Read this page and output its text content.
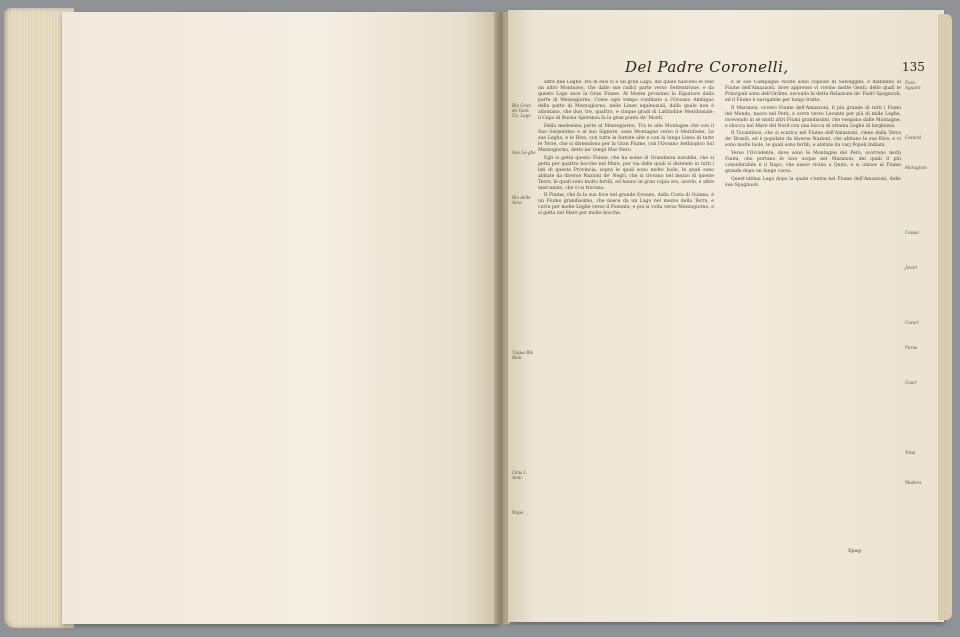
Del Padre Coronelli,	135

altre due Leghe. Poi di essi vi è un gran Lago, dal quale nascono le vele un altro Montuoso, che dalle sue radici parte verso Settentrione, e da questo Lago esce la Gran Fiume. Al Monte prossimo la Equatore dalla parte di Mezzogiorno. Come ogni tempo confinato a l'Oceano Ambiguo della parte di Mezzogiorno, nelle Linee equinoziali, dalla quale non è allontano, che due, tre, quattro, e cinque gradi di Latitudine Meridionale; il Capo di Buona Speranza fa la gran punta de' Monti.

Della medesima parte al Mezzogiorno, Tra le alte Montagne che con il Suo Serpentino e al suo Signore, sono Montagne verso il Meridione; Le sue Leghe, e le Rive, con tutte le foreste alte e con la lunga Linea di tutte le Terre, che si distendono per la Gran Fiume, con l'Oceano Aethiopico Sul Mezzogiorno, detto ne' tempi Mar Nero.

Egli si getta questo Fiume, che ha nome di Grandezza notabile, che si getta per quattro bocche nel Mare, per via delle quali si distende in tutti i lati di questa Provincia, sopra le quali sono molte Isole, le quali sono abitate da diverse Nazioni de' Negri, che si trovano nel mezzo di queste Terre, le quali sono molto fertili, ed hanno in gran copia oro, avorio, e altre mercanzie, che vi si trovano.

Il Fiume, che fa la sua foce nel grande Oceano, dalla Costa di Guinea, è un Fiume grandissimo, che nasce da un Lago nel mezzo della Terra, e corre per molte Leghe verso il Ponente, e poi si volta verso Mezzogiorno, e si getta nel Mare per molte bocche.

e le sue Campagne vicine sono copiose di Salvaggini, e mandano al Fiume dell'Amazzoni, dove appresso vi vivono molte Genti, delle quali le Principali sono dell'Ordine, secondo la detta Relazione de' Padri Spagnuoli, ed il Fiume è navigabile per lungo tratto.

Il Maranon, ovvero Fiume dell'Amazzoni, il più grande di tutti i Fiumi del Mondo, nasce nel Perù, e corre verso Levante per più di mille Leghe, ricevendo in sé molti altri Fiumi grandissimi, che vengono dalle Montagne, e sbocca nel Mare del Nord con una bocca di ottanta Leghe di larghezza.

Il Tocantinos, che si scarica nel Fiume dell'Amazzoni, viene dalla Terra de' Brasili, ed è popolato da diverse Nazioni, che abitano le sue Rive, e vi sono molte Isole, le quali sono fertili, e abitate da varj Popoli Indiani.

Verso l'Occidente, dove sono le Montagne del Perù, scorrono molti Fiumi, che portano le loro acque nel Maranon, dei quali il più considerabile è il Napo, che nasce vicino a Quito, e si unisce al Fiume grande dopo un lungo corso.

Quest'ultima Lega dopo la quale s'entra nel Fiume dell'Amazzoni, delle sue Spagnuoli.

Rio Gran de Guin. Ca. Lago
Soa Le-ghe
Rio delle Ama
Toqua Rio Bian
Lima I. Anni
Napo
Pura Aguaro
Curarai
Maragnon
Cassai
Javari
Curari
Purus
Coari
Yotai
Madera
Spag-
